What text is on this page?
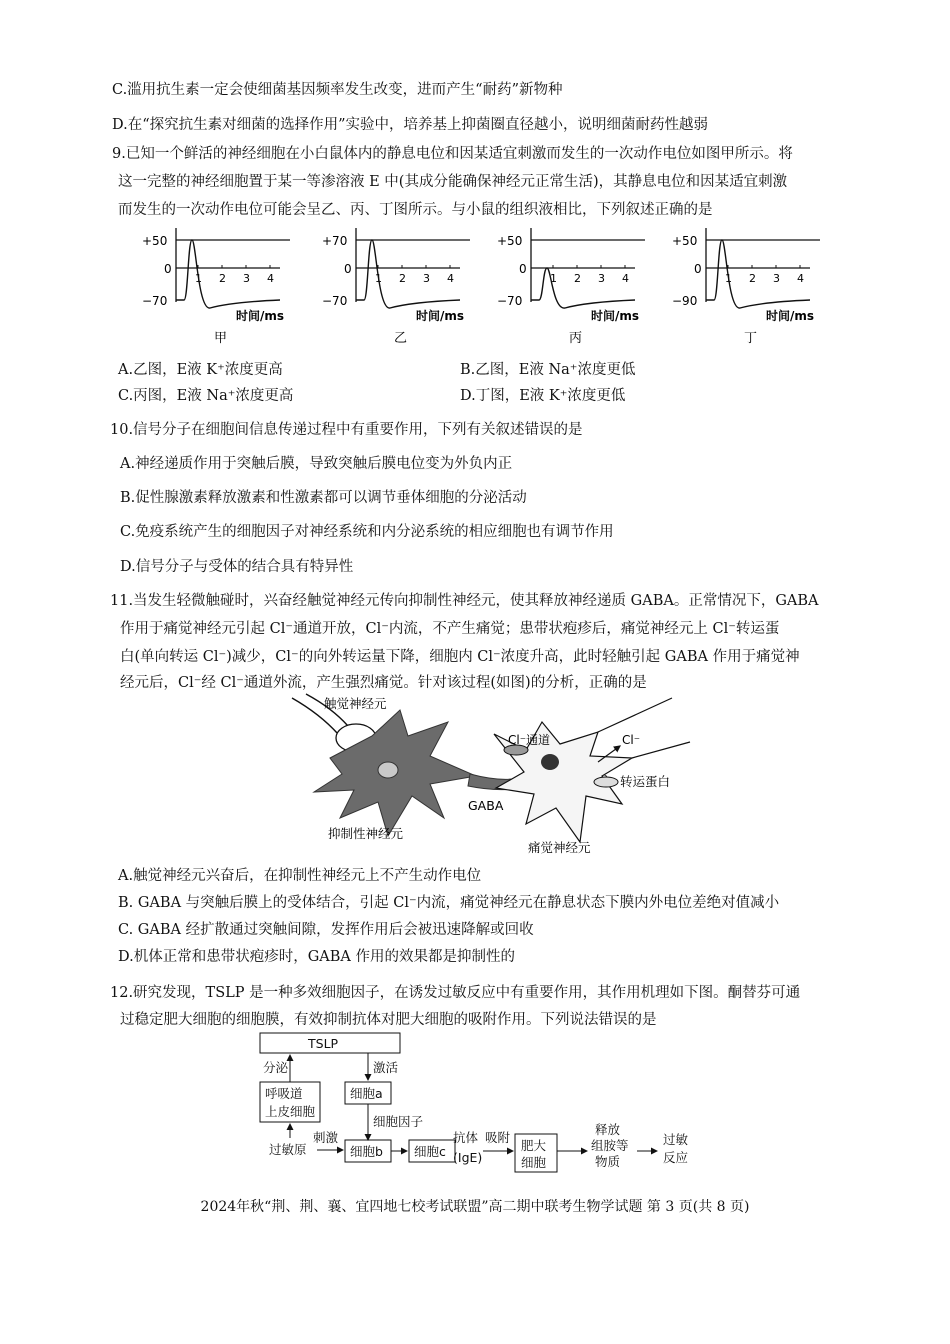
C.滥用抗生素一定会使细菌基因频率发生改变，进而产生“耐药”新物种
D.在“探究抗生素对细菌的选择作用”实验中，培养基上抑菌圈直径越小，说明细菌耐药性越弱
9.已知一个鲜活的神经细胞在小白鼠体内的静息电位和因某适宜刺激而发生的一次动作电位如图甲所示。将
这一完整的神经细胞置于某一等渗溶液 E 中(其成分能确保神经元正常生活)，其静息电位和因某适宜刺激
而发生的一次动作电位可能会呈乙、丙、丁图所示。与小鼠的组织液相比，下列叙述正确的是
+50
0
−70
1 2 3 4
时间/ms
甲
+70
0
−70
1 2 3 4
时间/ms
乙
+50
0
−70
1 2 3 4
时间/ms
丙
+50
0
−90
1 2 3 4
时间/ms
丁
A.乙图，E液 K⁺浓度更高	B.乙图，E液 Na⁺浓度更低
C.丙图，E液 Na⁺浓度更高	D.丁图，E液 K⁺浓度更低
10.信号分子在细胞间信息传递过程中有重要作用，下列有关叙述错误的是
A.神经递质作用于突触后膜，导致突触后膜电位变为外负内正
B.促性腺激素释放激素和性激素都可以调节垂体细胞的分泌活动
C.免疫系统产生的细胞因子对神经系统和内分泌系统的相应细胞也有调节作用
D.信号分子与受体的结合具有特异性
11.当发生轻微触碰时，兴奋经触觉神经元传向抑制性神经元，使其释放神经递质 GABA。正常情况下，GABA
作用于痛觉神经元引起 Cl⁻通道开放，Cl⁻内流，不产生痛觉；患带状疱疹后，痛觉神经元上 Cl⁻转运蛋
白(单向转运 Cl⁻)减少，Cl⁻的向外转运量下降，细胞内 Cl⁻浓度升高，此时轻触引起 GABA 作用于痛觉神
经元后，Cl⁻经 Cl⁻通道外流，产生强烈痛觉。针对该过程(如图)的分析，正确的是
触觉神经元
Cl⁻通道	Cl⁻
转运蛋白
GABA
抑制性神经元
痛觉神经元
A.触觉神经元兴奋后，在抑制性神经元上不产生动作电位
B. GABA 与突触后膜上的受体结合，引起 Cl⁻内流，痛觉神经元在静息状态下膜内外电位差绝对值减小
C. GABA 经扩散通过突触间隙，发挥作用后会被迅速降解或回收
D.机体正常和患带状疱疹时，GABA 作用的效果都是抑制性的
12.研究发现，TSLP 是一种多效细胞因子，在诱发过敏反应中有重要作用，其作用机理如下图。酮替芬可通
过稳定肥大细胞的细胞膜，有效抑制抗体对肥大细胞的吸附作用。下列说法错误的是
TSLP
呼吸道
上皮细胞
分泌
细胞a
激活
细胞因子
过敏原
刺激
细胞b 细胞c
抗体
(IgE)
吸附
肥大
细胞
释放
组胺等
物质
过敏
反应
2024年秋“荆、荆、襄、宜四地七校考试联盟”高二期中联考生物学试题 第 3 页(共 8 页)
